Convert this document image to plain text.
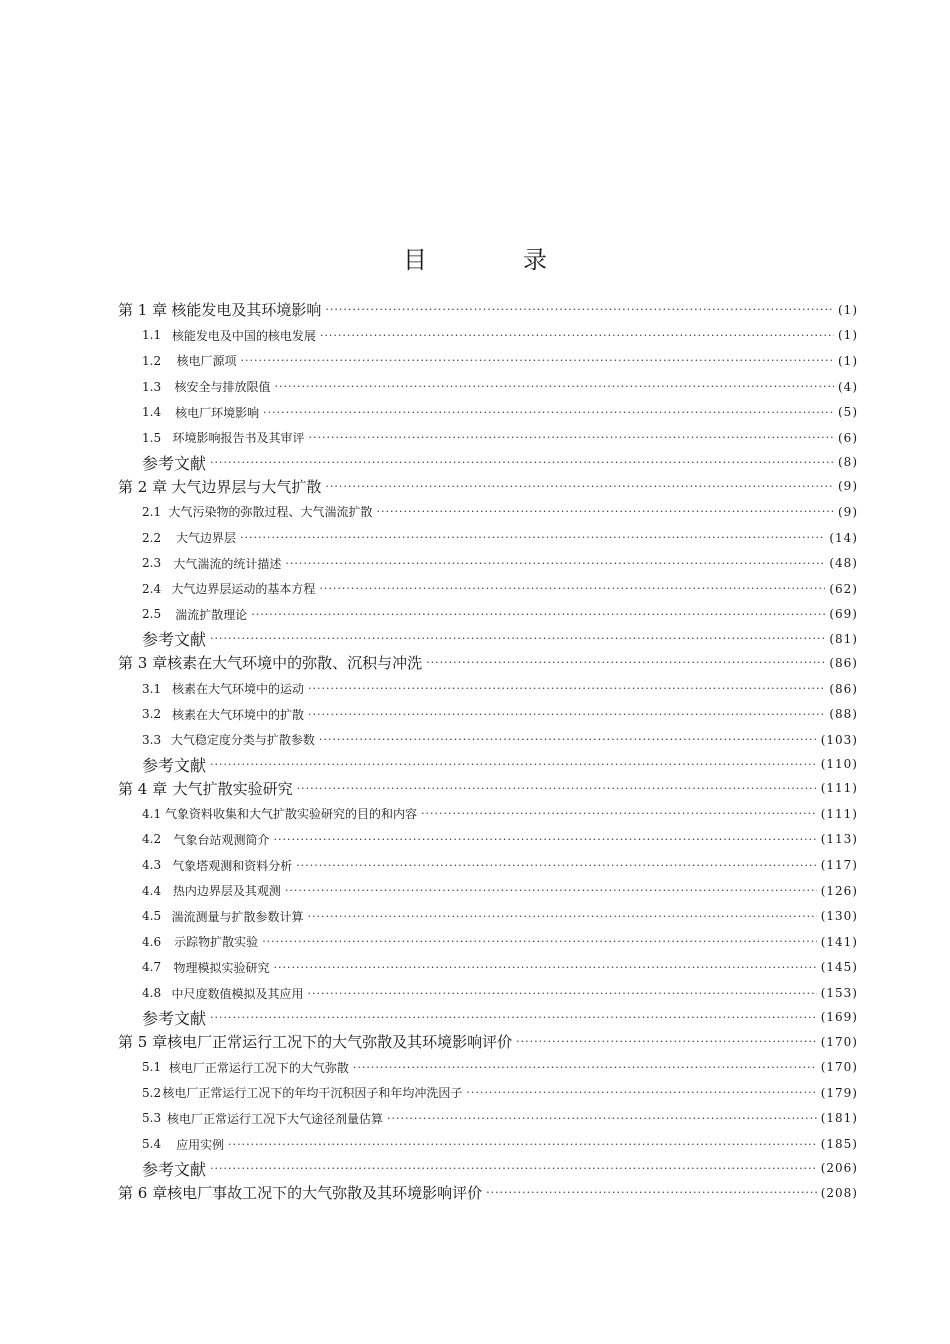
目　录
第 1 章 核能发电及其环境影响 ·····	(1)
1.1 核能发电及中国的核电发展 ·····	(1)
1.2	核电厂源项 ·····	(1)
1.3	核安全与排放限值 ·····	(4)
1.4	核电厂环境影响 ·····	(5)
1.5 环境影响报告书及其审评 ·····	(6)
参考文献 ·····	(8)
第 2 章 大气边界层与大气扩散 ·····	(9)
2.1 大气污染物的弥散过程、大气湍流扩散 ·····	(9)
2.2	大气边界层 ·····	(14)
2.3	大气湍流的统计描述 ·····	(48)
2.4 大气边界层运动的基本方程 ·····	(62)
2.5	湍流扩散理论 ·····	(69)
参考文献 ·····	(81)
第 3 章 核素在大气环境中的弥散、沉积与冲洗 ·····	(86)
3.1 核素在大气环境中的运动 ·····	(86)
3.2 核素在大气环境中的扩散 ·····	(88)
3.3 大气稳定度分类与扩散参数 ·····	(103)
参考文献 ·····	(110)
第 4 章 大气扩散实验研究 ·····	(111)
4.1 气象资料收集和大气扩散实验研究的目的和内容 ·····	(111)
4.2	气象台站观测简介 ·····	(113)
4.3 气象塔观测和资料分析 ·····	(117)
4.4 热内边界层及其观测 ·····	(126)
4.5 湍流测量与扩散参数计算 ·····	(130)
4.6	示踪物扩散实验 ·····	(141)
4.7	物理模拟实验研究 ·····	(145)
4.8 中尺度数值模拟及其应用 ·····	(153)
参考文献 ·····	(169)
第 5 章 核电厂正常运行工况下的大气弥散及其环境影响评价 ·····	(170)
5.1 核电厂正常运行工况下的大气弥散 ·····	(170)
5.2 核电厂正常运行工况下的年均干沉积因子和年均冲洗因子 ·····	(179)
5.3 核电厂正常运行工况下大气途径剂量估算 ·····	(181)
5.4	应用实例 ·····	(185)
参考文献 ·····	(206)
第 6 章 核电厂事故工况下的大气弥散及其环境影响评价 ·····	(208)
